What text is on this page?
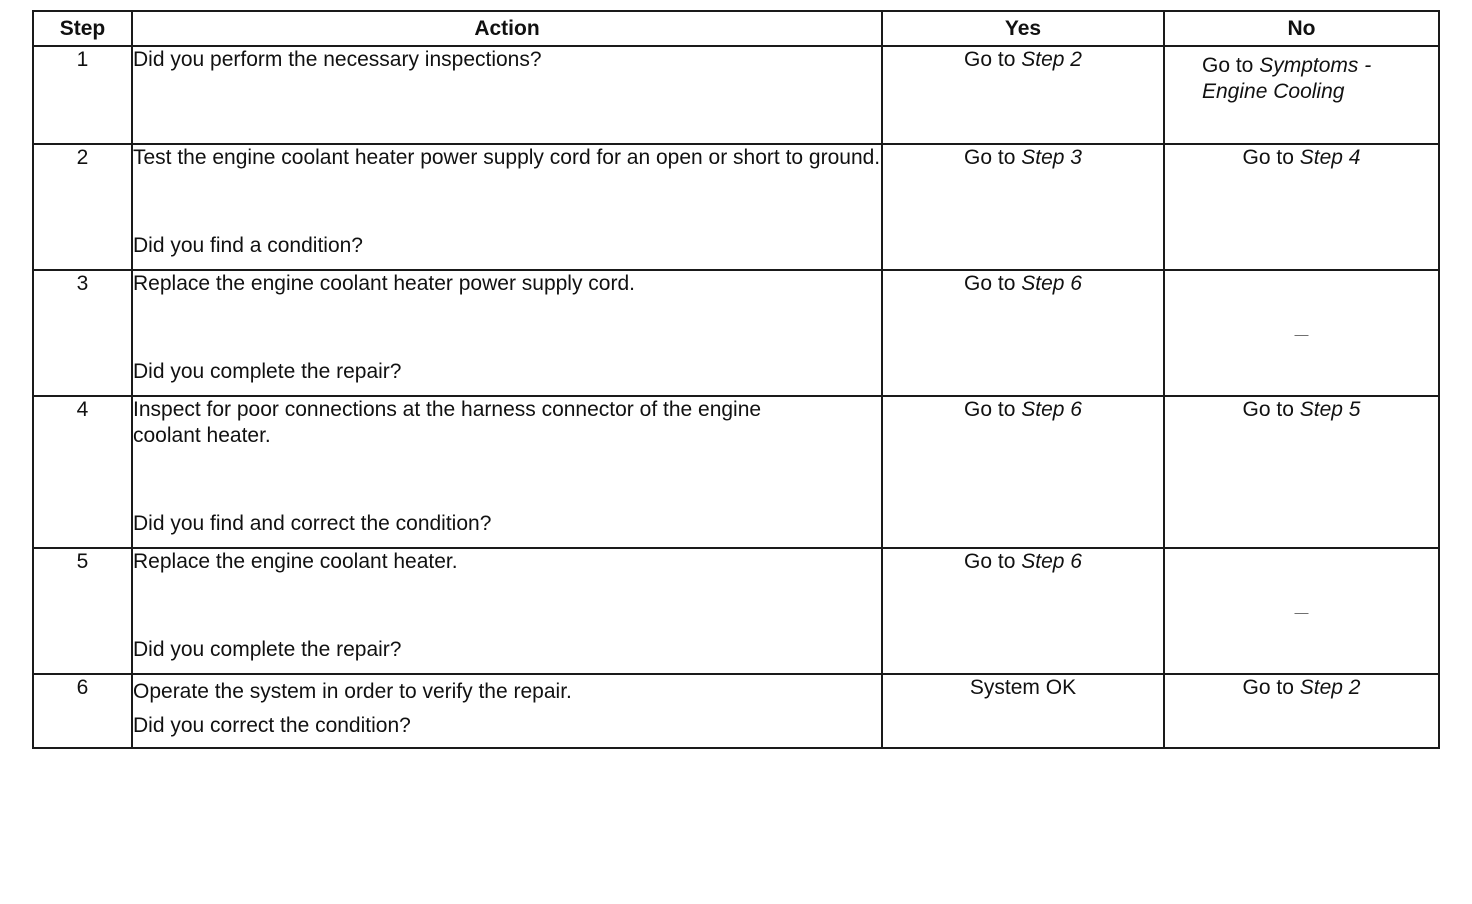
Step	Action	Yes	No
1	Did you perform the necessary inspections?	Go to Step 2	Go to Symptoms - Engine Cooling

2	Test the engine coolant heater power supply cord for an open or short to ground.
Did you find a condition?	Go to Step 3	Go to Step 4
3	Replace the engine coolant heater power supply cord.
Did you complete the repair?	Go to Step 6	—
4	Inspect for poor connections at the harness connector of the engine coolant heater.
Did you find and correct the condition?	Go to Step 6	Go to Step 5
5	Replace the engine coolant heater.
Did you complete the repair?	Go to Step 6	—
6	Operate the system in order to verify the repair.
Did you correct the condition?	System OK	Go to Step 2
